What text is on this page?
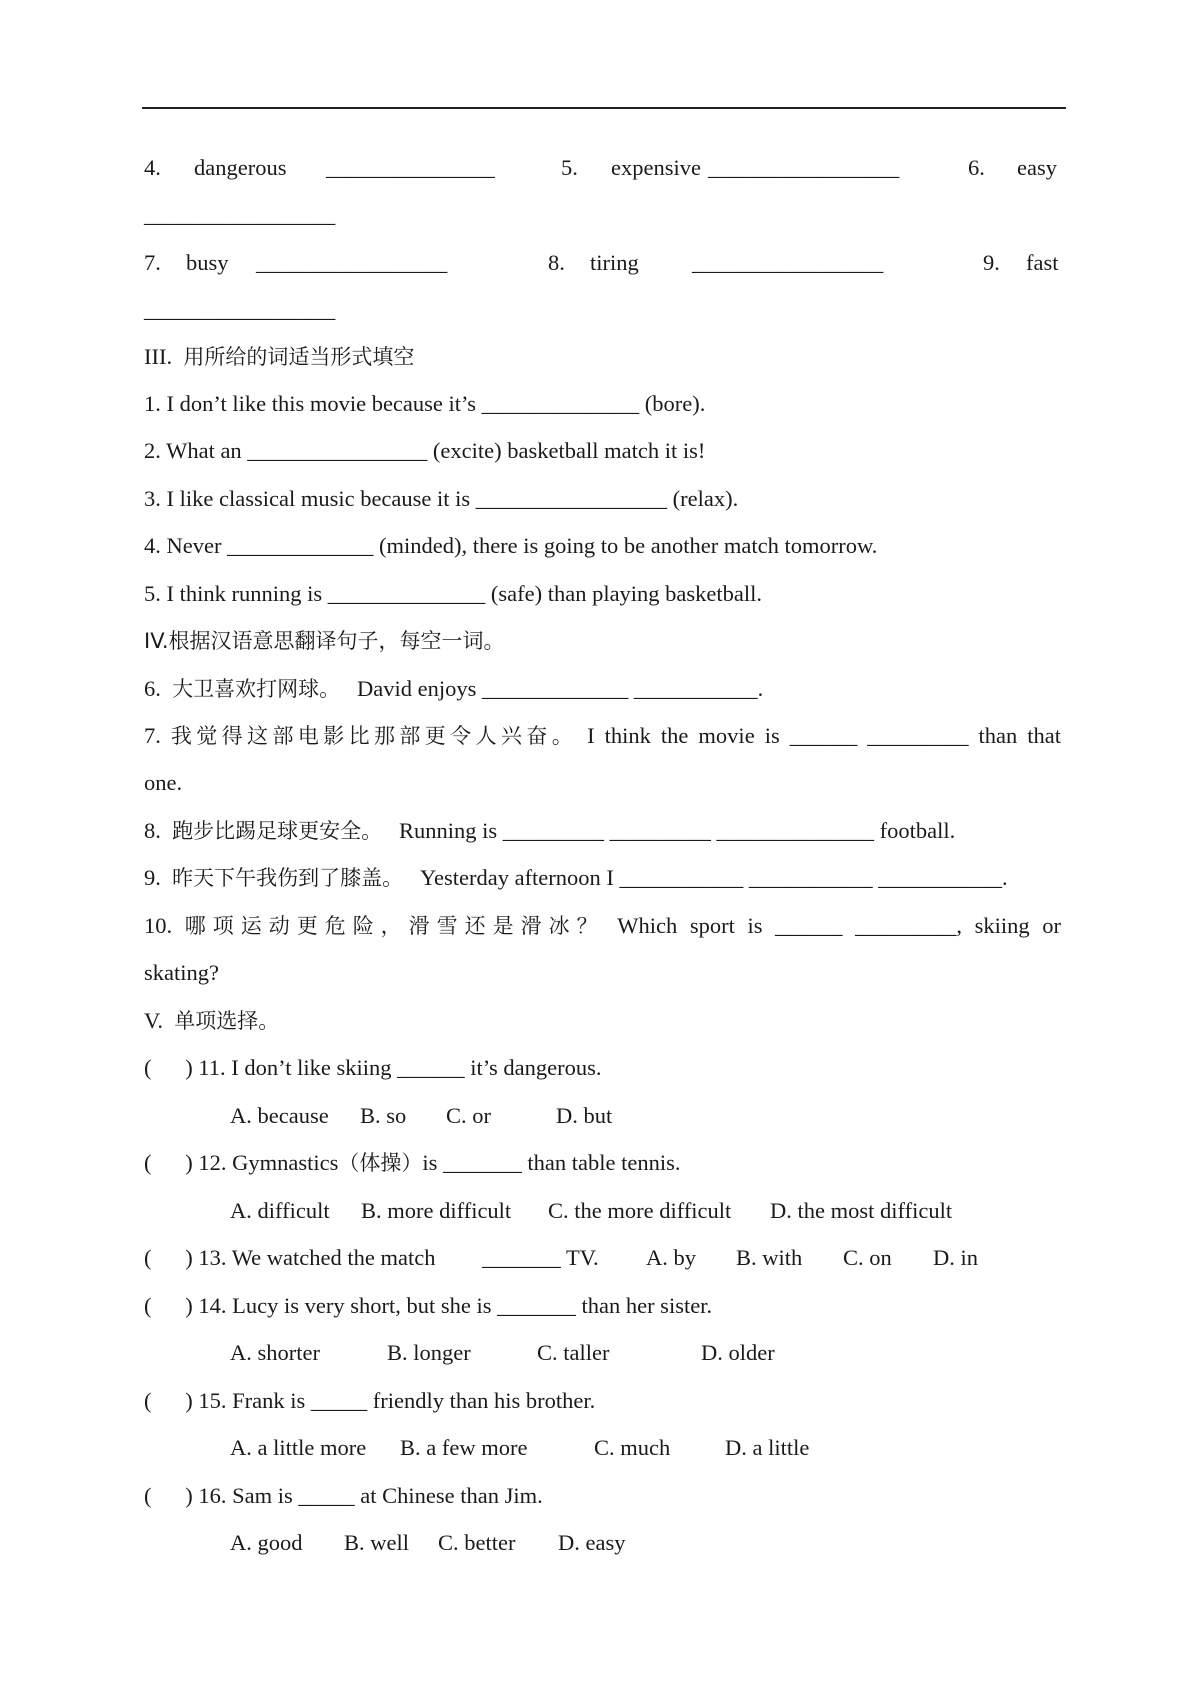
4. dangerous _______________	5. expensive _________________	6. easy
_________________
7. busy _________________	8. tiring _________________	9. fast
_________________
III. 用所给的词适当形式填空
1. I don’t like this movie because it’s ______________ (bore).
2. What an ________________ (excite) basketball match it is!
3. I like classical music because it is _________________ (relax).
4. Never _____________ (minded), there is going to be another match tomorrow.
5. I think running is ______________ (safe) than playing basketball.
IV.根据汉语意思翻译句子，每空一词。
6. 大卫喜欢打网球。 David enjoys _____________ ___________.
7. 我觉得这部电影比那部更令人兴奋。 I think the movie is ______ _________ than that
one.
8. 跑步比踢足球更安全。 Running is _________ _________ ______________ football.
9. 昨天下午我伤到了膝盖。 Yesterday afternoon I ___________ ___________ ___________.
10. 哪项运动更危险，滑雪还是滑冰？ Which sport is ______ _________, skiing or
skating?
V. 单项选择。
(      ) 11. I don’t like skiing ______ it’s dangerous.
A. because B. so C. or	D. but
(      ) 12. Gymnastics（体操）is _______ than table tennis.
A. difficult B. more difficult C. the more difficult D. the most difficult
(      ) 13. We watched the match _______ TV. A. by B. with C. on D. in
(      ) 14. Lucy is very short, but she is _______ than her sister.
A. shorter	B. longer	C. taller	D. older
(      ) 15. Frank is _____ friendly than his brother.
A. a little more B. a few more	C. much D. a little
(      ) 16. Sam is _____ at Chinese than Jim.
A. good B. well C. better D. easy
